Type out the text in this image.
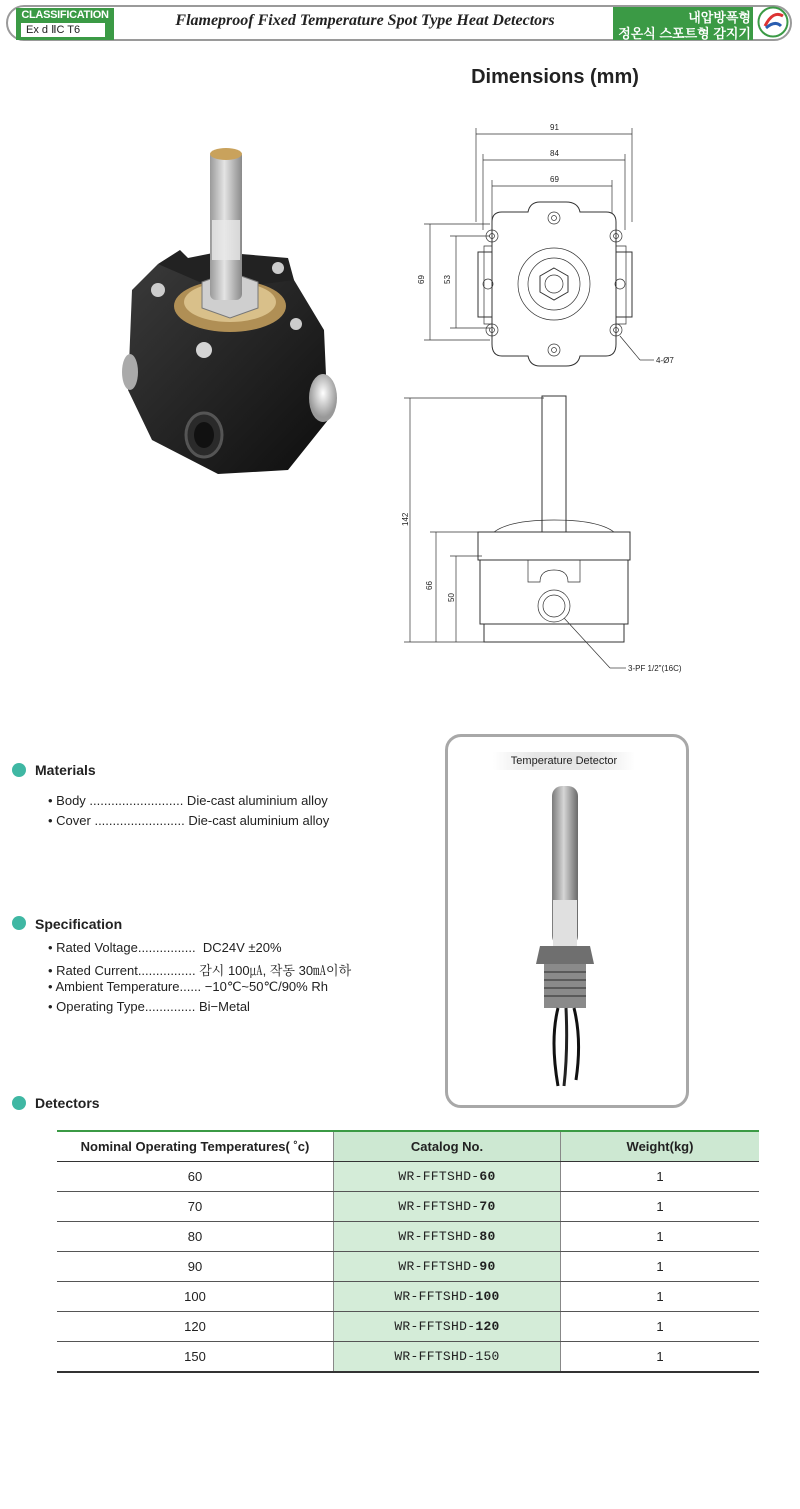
CLASSIFICATION
Ex d ⅡC T6
Flameproof Fixed Temperature Spot Type Heat Detectors	내압방폭형
정온식 스포트형 감지기
Dimensions (mm)
91
84
69
69 53
4-Ø7
142
66
50
3-PF 1/2"(16C)
Materials
• Body .......................... Die-cast aluminium alloy
• Cover ......................... Die-cast aluminium alloy
Specification
• Rated Voltage................  DC24V ±20%
• Rated Current................ 감시 100㎂, 작동 30㎃이하
• Ambient Temperature...... −10℃~50℃/90% Rh
• Operating Type.............. Bi−Metal
Temperature Detector
Detectors
Nominal Operating Temperatures( ˚c)	Catalog No.	Weight(kg)
60	WR-FFTSHD-60	1
70	WR-FFTSHD-70	1
80	WR-FFTSHD-80	1
90	WR-FFTSHD-90	1
100	WR-FFTSHD-100	1
120	WR-FFTSHD-120	1
150	WR-FFTSHD-150	1
